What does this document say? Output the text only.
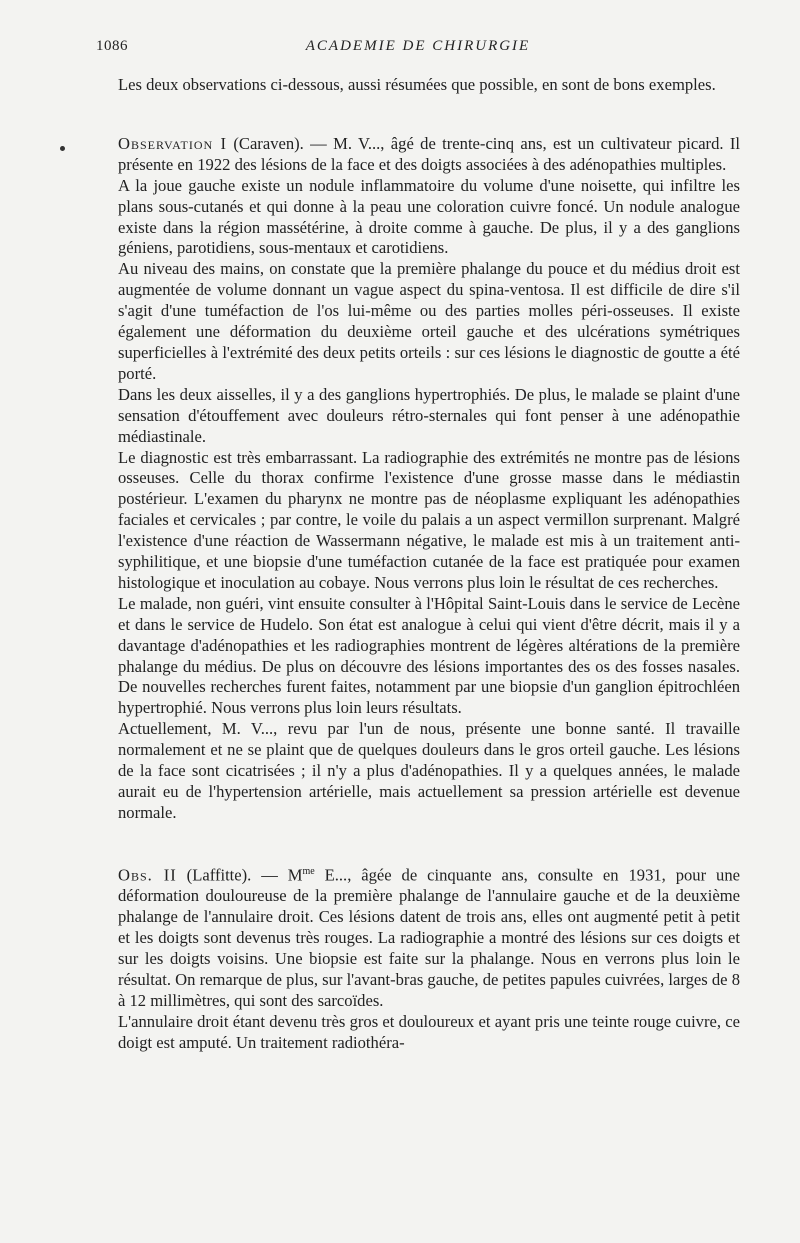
1086	ACADEMIE DE CHIRURGIE

Les deux observations ci-dessous, aussi résumées que possible, en sont de bons exemples.

Observation I (Caraven). — M. V..., âgé de trente-cinq ans, est un cultivateur picard. Il présente en 1922 des lésions de la face et des doigts associées à des adénopathies multiples.

A la joue gauche existe un nodule inflammatoire du volume d'une noisette, qui infiltre les plans sous-cutanés et qui donne à la peau une coloration cuivre foncé. Un nodule analogue existe dans la région massétérine, à droite comme à gauche. De plus, il y a des ganglions géniens, parotidiens, sous-mentaux et carotidiens.

Au niveau des mains, on constate que la première phalange du pouce et du médius droit est augmentée de volume donnant un vague aspect du spina-ventosa. Il est difficile de dire s'il s'agit d'une tuméfaction de l'os lui-même ou des parties molles péri-osseuses. Il existe également une déformation du deuxième orteil gauche et des ulcérations symétriques superficielles à l'extrémité des deux petits orteils : sur ces lésions le diagnostic de goutte a été porté.

Dans les deux aisselles, il y a des ganglions hypertrophiés. De plus, le malade se plaint d'une sensation d'étouffement avec douleurs rétro-sternales qui font penser à une adénopathie médiastinale.

Le diagnostic est très embarrassant. La radiographie des extrémités ne montre pas de lésions osseuses. Celle du thorax confirme l'existence d'une grosse masse dans le médiastin postérieur. L'examen du pharynx ne montre pas de néoplasme expliquant les adénopathies faciales et cervicales ; par contre, le voile du palais a un aspect vermillon surprenant. Malgré l'existence d'une réaction de Wassermann négative, le malade est mis à un traitement anti-syphilitique, et une biopsie d'une tuméfaction cutanée de la face est pratiquée pour examen histologique et inoculation au cobaye. Nous verrons plus loin le résultat de ces recherches.

Le malade, non guéri, vint ensuite consulter à l'Hôpital Saint-Louis dans le service de Lecène et dans le service de Hudelo. Son état est analogue à celui qui vient d'être décrit, mais il y a davantage d'adénopathies et les radiographies montrent de légères altérations de la première phalange du médius. De plus on découvre des lésions importantes des os des fosses nasales. De nouvelles recherches furent faites, notamment par une biopsie d'un ganglion épitrochléen hypertrophié. Nous verrons plus loin leurs résultats.

Actuellement, M. V..., revu par l'un de nous, présente une bonne santé. Il travaille normalement et ne se plaint que de quelques douleurs dans le gros orteil gauche. Les lésions de la face sont cicatrisées ; il n'y a plus d'adénopathies. Il y a quelques années, le malade aurait eu de l'hypertension artérielle, mais actuellement sa pression artérielle est devenue normale.

Obs. II (Laffitte). — $M^{me}$ E..., âgée de cinquante ans, consulte en 1931, pour une déformation douloureuse de la première phalange de l'annulaire gauche et de la deuxième phalange de l'annulaire droit. Ces lésions datent de trois ans, elles ont augmenté petit à petit et les doigts sont devenus très rouges. La radiographie a montré des lésions sur ces doigts et sur les doigts voisins. Une biopsie est faite sur la phalange. Nous en verrons plus loin le résultat. On remarque de plus, sur l'avant-bras gauche, de petites papules cuivrées, larges de 8 à 12 millimètres, qui sont des sarcoïdes.

L'annulaire droit étant devenu très gros et douloureux et ayant pris une teinte rouge cuivre, ce doigt est amputé. Un traitement radiothéra-
